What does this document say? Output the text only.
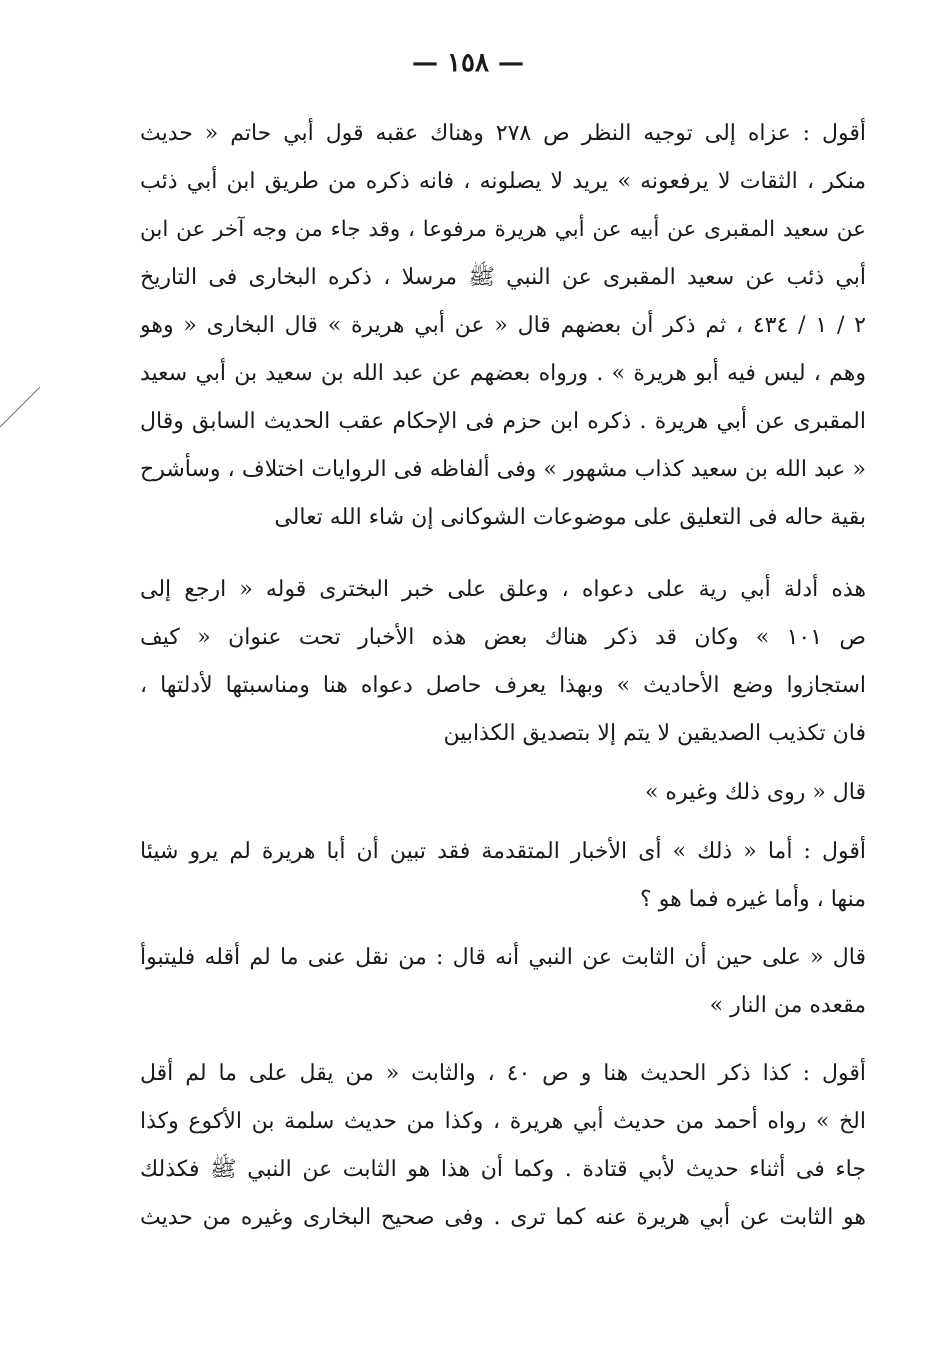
— ١٥٨ —
أقول : عزاه إلى توجيه النظر ص ٢٧٨ وهناك عقبه قول أبي حاتم « حديث
منكر ، الثقات لا يرفعونه » يريد لا يصلونه ، فانه ذكره من طريق ابن أبي ذئب
عن سعيد المقبرى عن أبيه عن أبي هريرة مرفوعا ، وقد جاء من وجه آخر عن ابن
أبي ذئب عن سعيد المقبرى عن النبي ﷺ مرسلا ، ذكره البخارى فى التاريخ
٢ / ١ / ٤٣٤ ، ثم ذكر أن بعضهم قال « عن أبي هريرة » قال البخارى « وهو
وهم ، ليس فيه أبو هريرة » . ورواه بعضهم عن عبد الله بن سعيد بن أبي سعيد
المقبرى عن أبي هريرة . ذكره ابن حزم فى الإحكام عقب الحديث السابق وقال
« عبد الله بن سعيد كذاب مشهور » وفى ألفاظه فى الروايات اختلاف ، وسأشرح
بقية حاله فى التعليق على موضوعات الشوكانى إن شاء الله تعالى
هذه أدلة أبي رية على دعواه ، وعلق على خبر البخترى قوله « ارجع إلى
ص ١٠١ » وكان قد ذكر هناك بعض هذه الأخبار تحت عنوان « كيف
استجازوا وضع الأحاديث » وبهذا يعرف حاصل دعواه هنا ومناسبتها لأدلتها ،
فان تكذيب الصديقين لا يتم إلا بتصديق الكذابين
قال « روى ذلك وغيره »
أقول : أما « ذلك » أى الأخبار المتقدمة فقد تبين أن أبا هريرة لم يرو شيئا
منها ، وأما غيره فما هو ؟
قال « على حين أن الثابت عن النبي أنه قال : من نقل عنى ما لم أقله فليتبوأ
مقعده من النار »
أقول : كذا ذكر الحديث هنا و ص ٤٠ ، والثابت « من يقل على ما لم أقل
الخ » رواه أحمد من حديث أبي هريرة ، وكذا من حديث سلمة بن الأكوع وكذا
جاء فى أثناء حديث لأبي قتادة . وكما أن هذا هو الثابت عن النبي ﷺ فكذلك
هو الثابت عن أبي هريرة عنه كما ترى . وفى صحيح البخارى وغيره من حديث
